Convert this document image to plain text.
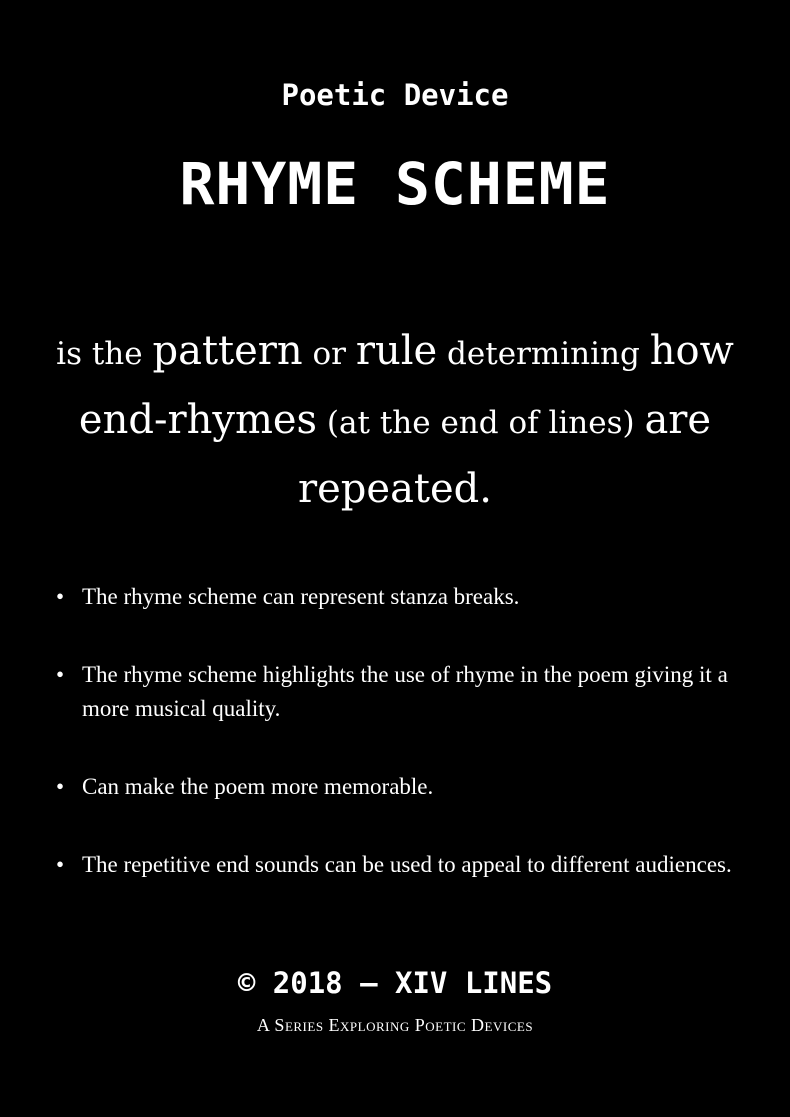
Poetic Device
RHYME SCHEME
is the pattern or rule determining how
end-rhymes (at the end of lines) are
repeated.
• The rhyme scheme can represent stanza breaks.
• The rhyme scheme highlights the use of rhyme in the poem giving it a more musical quality.
• Can make the poem more memorable.
• The repetitive end sounds can be used to appeal to different audiences.
© 2018 – XIV LINES
A Series Exploring Poetic Devices
